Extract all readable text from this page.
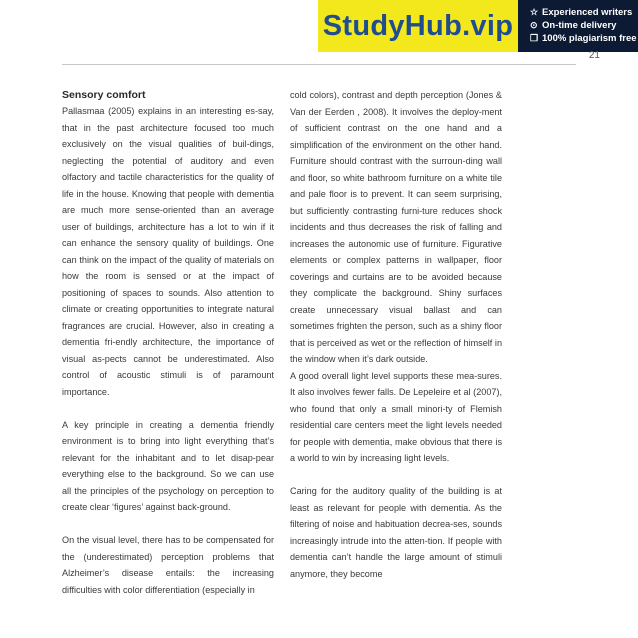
StudyHub.vip	☆ Experienced writers
⊙ On-time delivery
❐ 100% plagiarism free
21
Sensory comfort

Pallasmaa (2005) explains in an interesting es-say, that in the past architecture focused too much exclusively on the visual qualities of buil-dings, neglecting the potential of auditory and even olfactory and tactile characteristics for the quality of life in the house. Knowing that people with dementia are much more sense-oriented than an average user of buildings, architecture has a lot to win if it can enhance the sensory quality of buildings. One can think on the impact of the quality of materials on how the room is sensed or at the impact of positioning of spaces to sounds. Also attention to climate or creating opportunities to integrate natural fragrances are crucial. However, also in creating a dementia fri-endly architecture, the importance of visual as-pects cannot be underestimated. Also control of acoustic stimuli is of paramount importance.

A key principle in creating a dementia friendly environment is to bring into light everything that’s relevant for the inhabitant and to let disap-pear everything else to the background. So we can use all the principles of the psychology on perception to create clear ‘figures’ against back-ground.

On the visual level, there has to be compensated for the (underestimated) perception problems that Alzheimer’s disease entails: the increasing difficulties with color differentiation (especially in

cold colors), contrast and depth perception (Jones & Van der Eerden , 2008). It involves the deploy-ment of sufficient contrast on the one hand and a simplification of the environment on the other hand. Furniture should contrast with the surroun-ding wall and floor, so white bathroom furniture on a white tile and pale floor is to prevent. It can seem surprising, but sufficiently contrasting furni-ture reduces shock incidents and thus decreases the risk of falling and increases the autonomic use of furniture. Figurative elements or complex patterns in wallpaper, floor coverings and curtains are to be avoided because they complicate the background. Shiny surfaces create unnecessary visual ballast and can sometimes frighten the person, such as a shiny floor that is perceived as wet or the reflection of himself in the window when it’s dark outside.

A good overall light level supports these mea-sures. It also involves fewer falls. De Lepeleire et al (2007), who found that only a small minori-ty of Flemish residential care centers meet the light levels needed for people with dementia, make obvious that there is a world to win by increasing light levels.

Caring for the auditory quality of the building is at least as relevant for people with dementia. As the filtering of noise and habituation decrea-ses, sounds increasingly intrude into the atten-tion. If people with dementia can’t handle the large amount of stimuli anymore, they become
